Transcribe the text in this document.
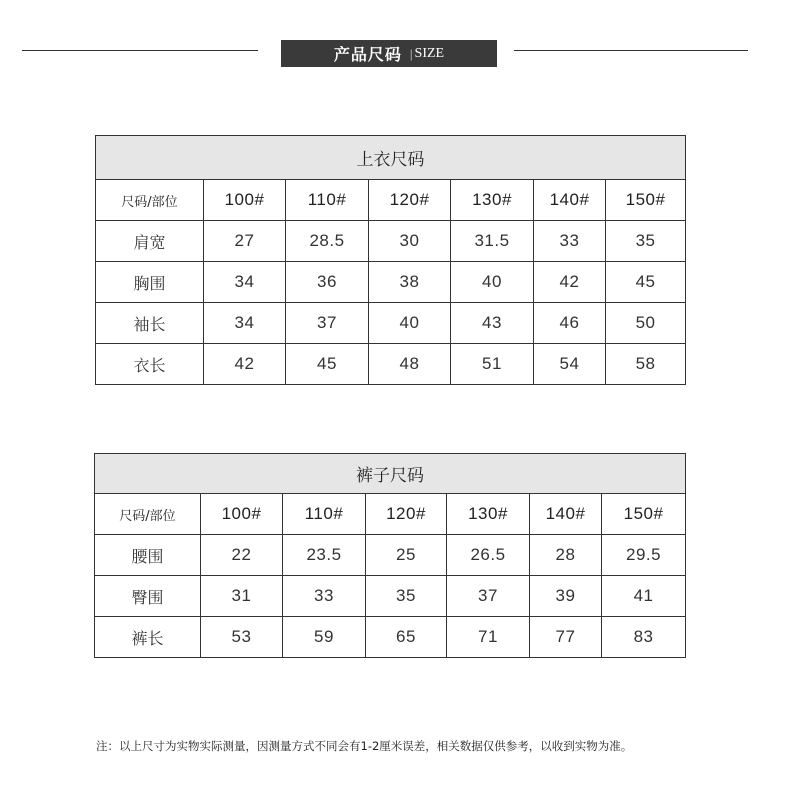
产品尺码 | SIZE
上衣尺码						
尺码/部位	100#	110#	120#	130#	140#	150#
肩宽	27	28.5	30	31.5	33	35
胸围	34	36	38	40	42	45
袖长	34	37	40	43	46	50
衣长	42	45	48	51	54	58
裤子尺码						
尺码/部位	100#	110#	120#	130#	140#	150#
腰围	22	23.5	25	26.5	28	29.5
臀围	31	33	35	37	39	41
裤长	53	59	65	71	77	83
注：以上尺寸为实物实际测量，因测量方式不同会有1-2厘米误差，相关数据仅供参考，以收到实物为准。
